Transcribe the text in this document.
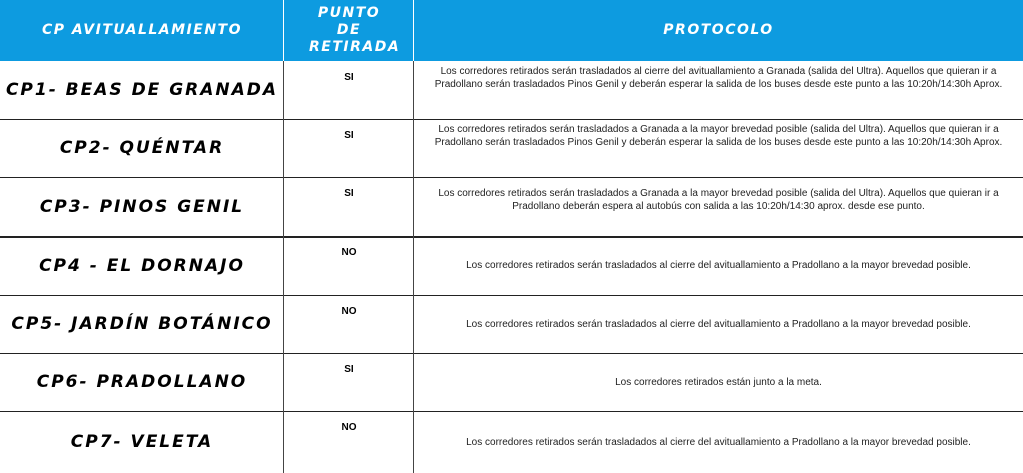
CP AVITUALLAMIENTO
PUNTO DE RETIRADA
PROTOCOLO
CP1- BEAS DE GRANADA
SI
Los corredores retirados serán trasladados al cierre del avituallamiento a Granada (salida del Ultra). Aquellos que quieran ir a Pradollano serán trasladados Pinos Genil y deberán esperar la salida de los buses desde este punto a las 10:20h/14:30h Aprox.
CP2- QUÉNTAR
SI
Los corredores retirados serán trasladados a Granada a la mayor brevedad posible (salida del Ultra). Aquellos que quieran ir a Pradollano serán trasladados Pinos Genil y deberán esperar la salida de los buses desde este punto a las 10:20h/14:30h Aprox.
CP3- PINOS GENIL
SI	Los corredores retirados serán trasladados a Granada a la mayor brevedad posible (salida del Ultra). Aquellos que quieran ir a Pradollano deberán espera al autobús con salida a las 10:20h/14:30 aprox. desde ese punto.
CP4 - EL DORNAJO
NO
Los corredores retirados serán trasladados al cierre del avituallamiento a Pradollano a la mayor brevedad posible.
CP5- JARDÍN BOTÁNICO
NO
Los corredores retirados serán trasladados al cierre del avituallamiento a Pradollano a la mayor brevedad posible.
CP6- PRADOLLANO
SI
Los corredores retirados están junto a la meta.
CP7- VELETA
NO
Los corredores retirados serán trasladados al cierre del avituallamiento a Pradollano a la mayor brevedad posible.
